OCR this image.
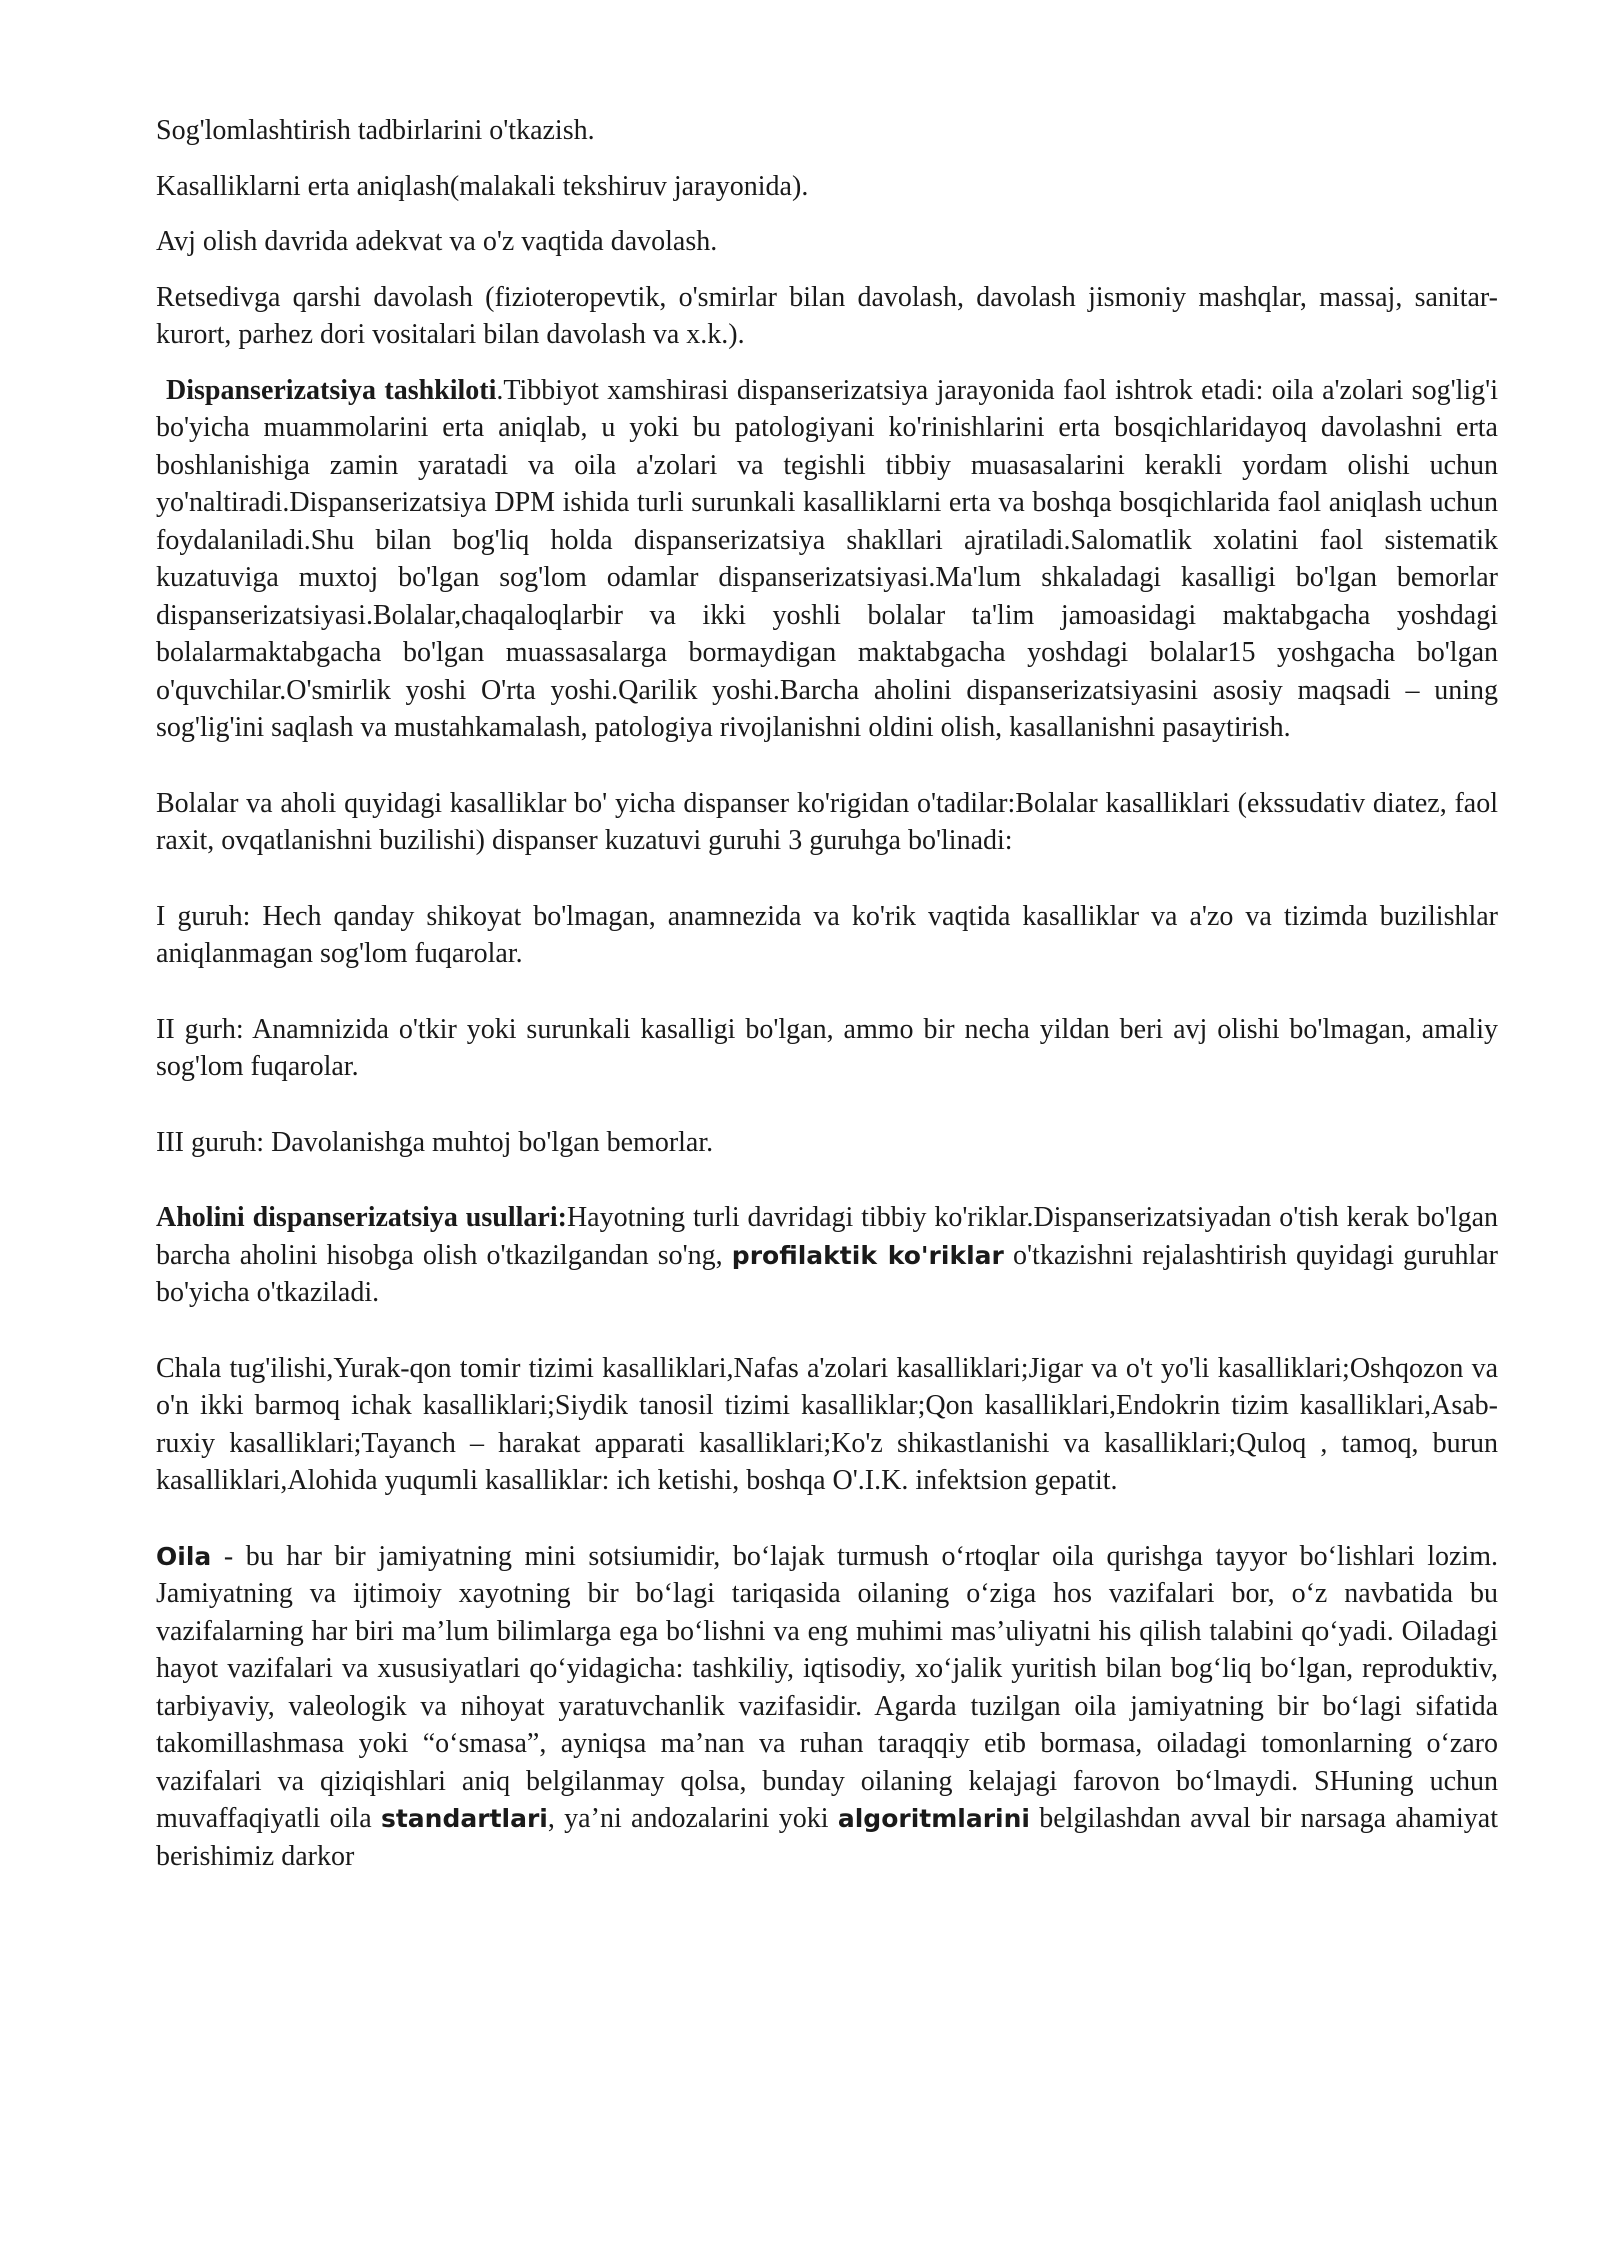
Sog'lomlashtirish tadbirlarini o'tkazish.

Kasalliklarni erta aniqlash(malakali tekshiruv jarayonida).

Avj olish davrida adekvat va o'z vaqtida davolash.

Retsedivga qarshi davolash (fizioteropevtik, o'smirlar bilan davolash, davolash jismoniy mashqlar, massaj, sanitar-kurort, parhez dori vositalari bilan davolash va x.k.).

Dispanserizatsiya tashkiloti.Tibbiyot xamshirasi dispanserizatsiya jarayonida faol ishtrok etadi: oila a'zolari sog'lig'i bo'yicha muammolarini erta aniqlab, u yoki bu patologiyani ko'rinishlarini erta bosqichlaridayoq davolashni erta boshlanishiga zamin yaratadi va oila a'zolari va tegishli tibbiy muasasalarini kerakli yordam olishi uchun yo'naltiradi.Dispanserizatsiya DPM ishida turli surunkali kasalliklarni erta va boshqa bosqichlarida faol aniqlash uchun foydalaniladi.Shu bilan bog'liq holda dispanserizatsiya shakllari ajratiladi.Salomatlik xolatini faol sistematik kuzatuviga muxtoj bo'lgan sog'lom odamlar dispanserizatsiyasi.Ma'lum shkaladagi kasalligi bo'lgan bemorlar dispanserizatsiyasi.Bolalar,chaqaloqlarbir va ikki yoshli bolalar ta'lim jamoasidagi maktabgacha yoshdagi bolalarmaktabgacha bo'lgan muassasalarga bormaydigan maktabgacha yoshdagi bolalar15 yoshgacha bo'lgan o'quvchilar.O'smirlik yoshi O'rta yoshi.Qarilik yoshi.Barcha aholini dispanserizatsiyasini asosiy maqsadi – uning sog'lig'ini saqlash va mustahkamalash, patologiya rivojlanishni oldini olish, kasallanishni pasaytirish.

Bolalar va aholi quyidagi kasalliklar bo' yicha dispanser ko'rigidan o'tadilar:Bolalar kasalliklari (ekssudativ diatez, faol raxit, ovqatlanishni buzilishi) dispanser kuzatuvi guruhi 3 guruhga bo'linadi:

I guruh: Hech qanday shikoyat bo'lmagan, anamnezida va ko'rik vaqtida kasalliklar va a'zo va tizimda buzilishlar aniqlanmagan sog'lom fuqarolar.

II gurh: Anamnizida o'tkir yoki surunkali kasalligi bo'lgan, ammo bir necha yildan beri avj olishi bo'lmagan, amaliy sog'lom fuqarolar.

III guruh: Davolanishga muhtoj bo'lgan bemorlar.

Aholini dispanserizatsiya usullari:Hayotning turli davridagi tibbiy ko'riklar.Dispanserizatsiyadan o'tish kerak bo'lgan barcha aholini hisobga olish o'tkazilgandan so'ng, profilaktik ko'riklar o'tkazishni rejalashtirish quyidagi guruhlar bo'yicha o'tkaziladi.

Chala tug'ilishi,Yurak-qon tomir tizimi kasalliklari,Nafas a'zolari kasalliklari;Jigar va o't yo'li kasalliklari;Oshqozon va o'n ikki barmoq ichak kasalliklari;Siydik tanosil tizimi kasalliklar;Qon kasalliklari,Endokrin tizim kasalliklari,Asab-ruxiy kasalliklari;Tayanch – harakat apparati kasalliklari;Ko'z shikastlanishi va kasalliklari;Quloq , tamoq, burun kasalliklari,Alohida yuqumli kasalliklar: ich ketishi, boshqa O'.I.K. infektsion gepatit.

Oila - bu har bir jamiyatning mini sotsiumidir, bo‘lajak turmush o‘rtoqlar oila qurishga tayyor bo‘lishlari lozim. Jamiyatning va ijtimoiy xayotning bir bo‘lagi tariqasida oilaning o‘ziga hos vazifalari bor, o‘z navbatida bu vazifalarning har biri ma’lum bilimlarga ega bo‘lishni va eng muhimi mas’uliyatni his qilish talabini qo‘yadi. Oiladagi hayot vazifalari va xususiyatlari qo‘yidagicha: tashkiliy, iqtisodiy, xo‘jalik yuritish bilan bog‘liq bo‘lgan, reproduktiv, tarbiyaviy, valeologik va nihoyat yaratuvchanlik vazifasidir. Agarda tuzilgan oila jamiyatning bir bo‘lagi sifatida takomillashmasa yoki “o‘smasa”, ayniqsa ma’nan va ruhan taraqqiy etib bormasa, oiladagi tomonlarning o‘zaro vazifalari va qiziqishlari aniq belgilanmay qolsa, bunday oilaning kelajagi farovon bo‘lmaydi. SHuning uchun muvaffaqiyatli oila standartlari, ya’ni andozalarini yoki algoritmlarini belgilashdan avval bir narsaga ahamiyat berishimiz darkor
